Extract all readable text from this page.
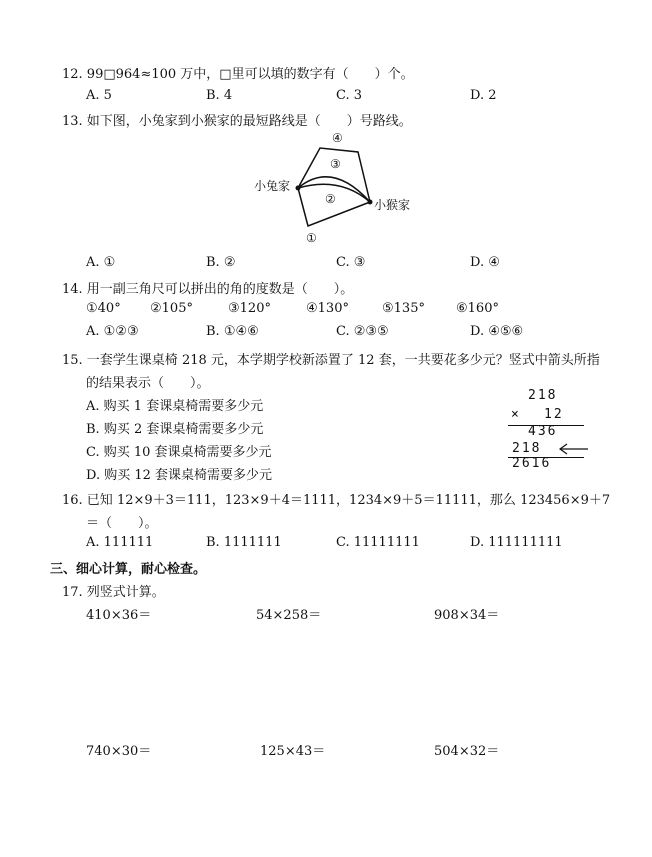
12. 99□964≈100 万中，□里可以填的数字有（　　）个。
A. 5	B. 4	C. 3	D. 2
13. 如下图，小兔家到小猴家的最短路线是（　　）号路线。
④
③
②
①
小兔家
小猴家
A. ①	B. ②	C. ③	D. ④
14. 用一副三角尺可以拼出的角的度数是（　　）。
①40° ②105°	③120°	④130°	⑤135° ⑥160°
A. ①②③	B. ①④⑥	C. ②③⑤	D. ④⑤⑥
15. 一套学生课桌椅 218 元，本学期学校新添置了 12 套，一共要花多少元？竖式中箭头所指
的结果表示（　　）。
A. 购买 1 套课桌椅需要多少元
B. 购买 2 套课桌椅需要多少元
C. 购买 10 套课桌椅需要多少元
D. 购买 12 套课桌椅需要多少元
218
× 12
436
218
2616
16. 已知 12×9＋3＝111，123×9＋4＝1111，1234×9＋5＝11111，那么 123456×9＋7
＝（　　）。
A. 111111	B. 1111111	C. 11111111	D. 111111111
三、细心计算，耐心检查。
17. 列竖式计算。
410×36＝	54×258＝	908×34＝
740×30＝	125×43＝	504×32＝
